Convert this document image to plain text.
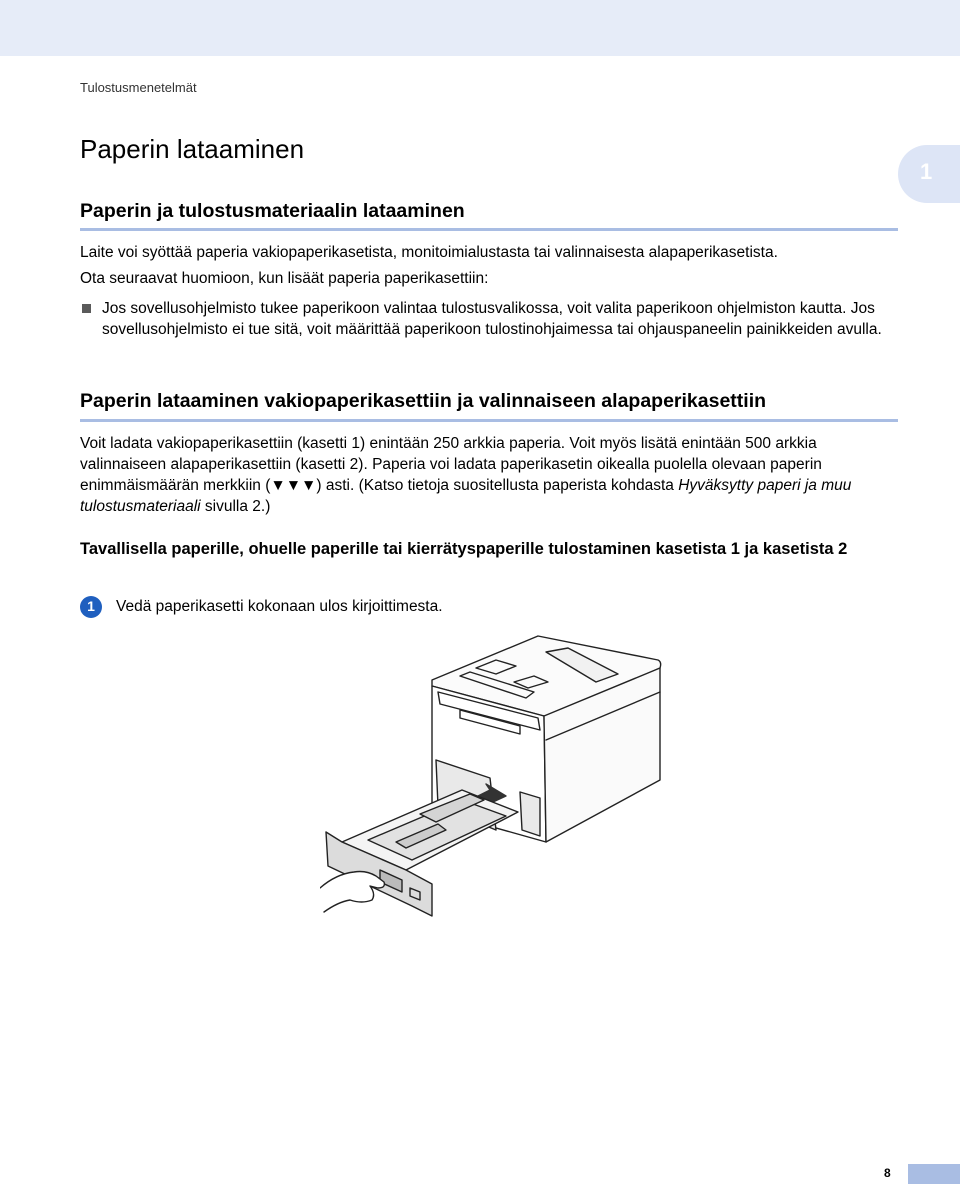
Tulostusmenetelmät
Paperin lataaminen
1
Paperin ja tulostusmateriaalin lataaminen

Laite voi syöttää paperia vakiopaperikasetista, monitoimialustasta tai valinnaisesta alapaperikasetista.

Ota seuraavat huomioon, kun lisäät paperia paperikasettiin:

Jos sovellusohjelmisto tukee paperikoon valintaa tulostusvalikossa, voit valita paperikoon ohjelmiston kautta. Jos sovellusohjelmisto ei tue sitä, voit määrittää paperikoon tulostinohjaimessa tai ohjauspaneelin painikkeiden avulla.

Paperin lataaminen vakiopaperikasettiin ja valinnaiseen alapaperikasettiin

Voit ladata vakiopaperikasettiin (kasetti 1) enintään 250 arkkia paperia. Voit myös lisätä enintään 500 arkkia valinnaiseen alapaperikasettiin (kasetti 2). Paperia voi ladata paperikasetin oikealla puolella olevaan paperin enimmäismäärän merkkiin (▼▼▼) asti. (Katso tietoja suositellusta paperista kohdasta Hyväksytty paperi ja muu tulostusmateriaali sivulla 2.)

Tavallisella paperille, ohuelle paperille tai kierrätyspaperille tulostaminen kasetista 1 ja kasetista 2
1	Vedä paperikasetti kokonaan ulos kirjoittimesta.

8
